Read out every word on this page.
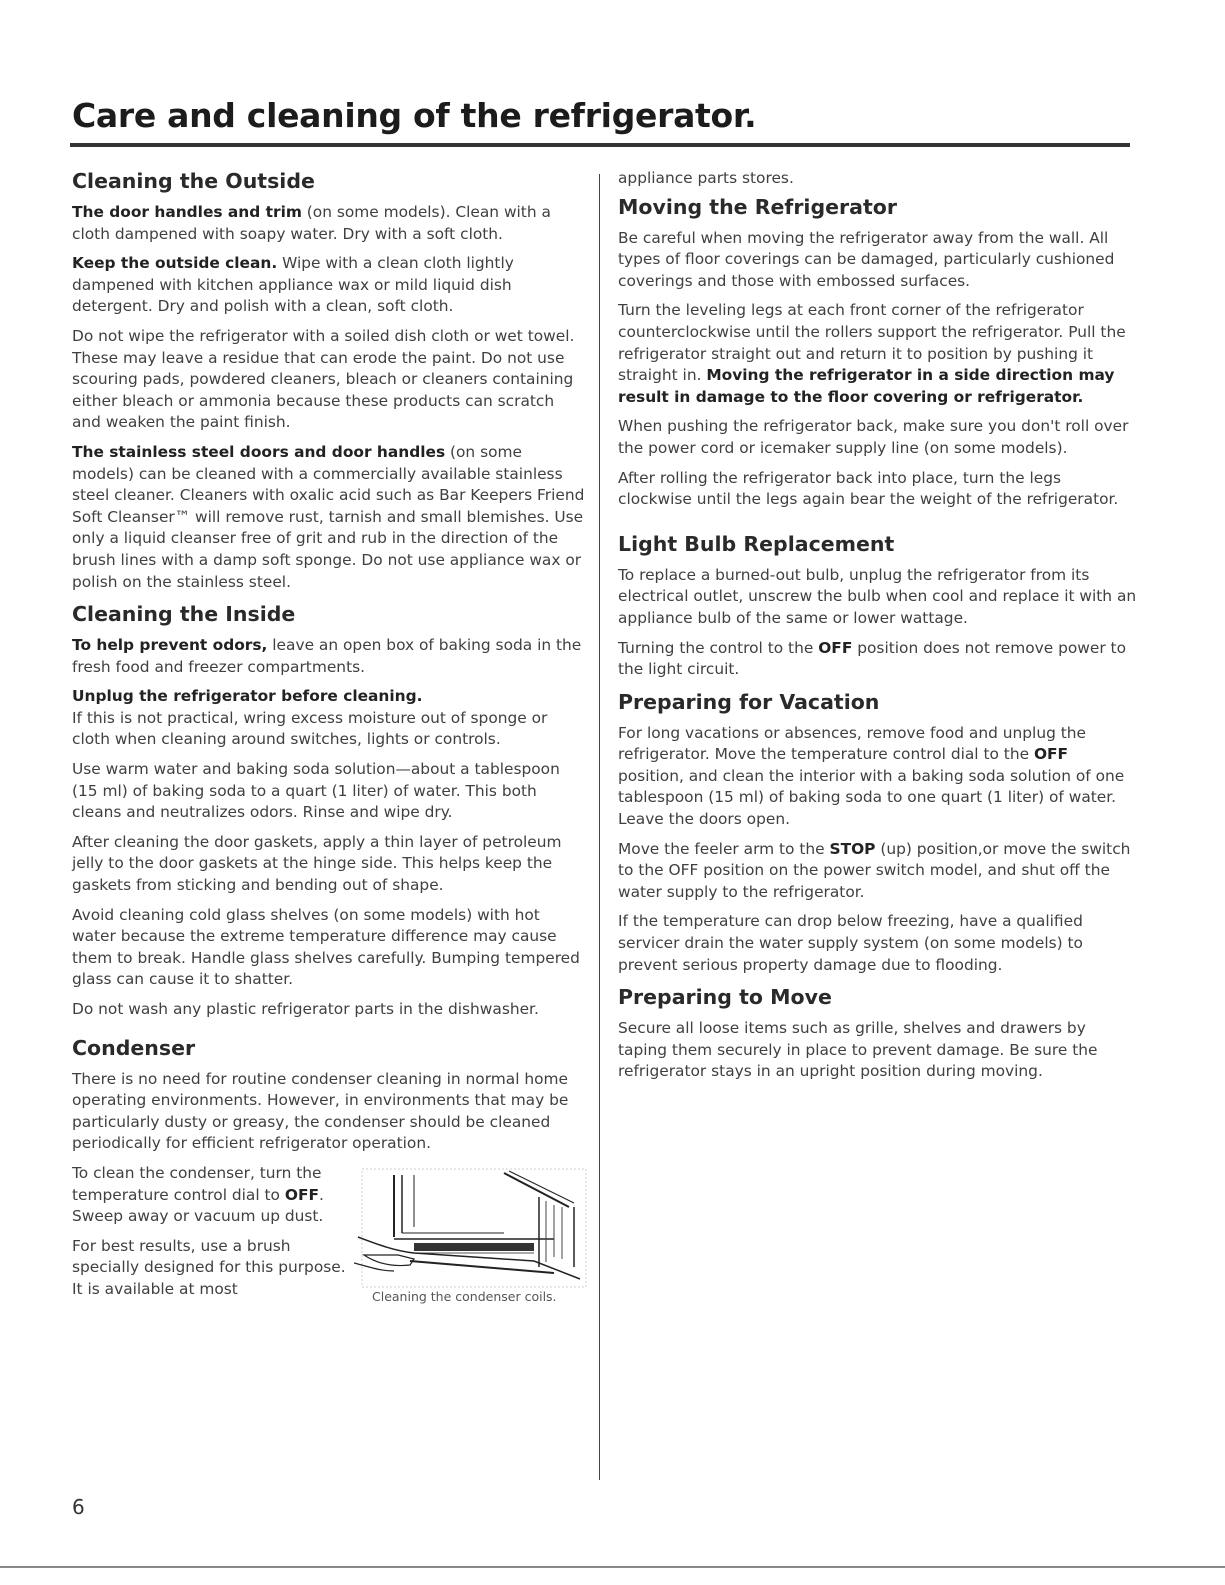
Care and cleaning of the refrigerator.
Cleaning the Outside

The door handles and trim (on some models). Clean with a cloth dampened with soapy water. Dry with a soft cloth.

Keep the outside clean. Wipe with a clean cloth lightly dampened with kitchen appliance wax or mild liquid dish detergent. Dry and polish with a clean, soft cloth.

Do not wipe the refrigerator with a soiled dish cloth or wet towel. These may leave a residue that can erode the paint. Do not use scouring pads, powdered cleaners, bleach or cleaners containing either bleach or ammonia because these products can scratch and weaken the paint finish.

The stainless steel doors and door handles (on some models) can be cleaned with a commercially available stainless steel cleaner. Cleaners with oxalic acid such as Bar Keepers Friend Soft Cleanser™ will remove rust, tarnish and small blemishes. Use only a liquid cleanser free of grit and rub in the direction of the brush lines with a damp soft sponge. Do not use appliance wax or polish on the stainless steel.

Cleaning the Inside

To help prevent odors, leave an open box of baking soda in the fresh food and freezer compartments.

Unplug the refrigerator before cleaning.
If this is not practical, wring excess moisture out of sponge or cloth when cleaning around switches, lights or controls.

Use warm water and baking soda solution—about a tablespoon (15 ml) of baking soda to a quart (1 liter) of water. This both cleans and neutralizes odors. Rinse and wipe dry.

After cleaning the door gaskets, apply a thin layer of petroleum jelly to the door gaskets at the hinge side. This helps keep the gaskets from sticking and bending out of shape.

Avoid cleaning cold glass shelves (on some models) with hot water because the extreme temperature difference may cause them to break. Handle glass shelves carefully. Bumping tempered glass can cause it to shatter.

Do not wash any plastic refrigerator parts in the dishwasher.

Condenser

There is no need for routine condenser cleaning in normal home operating environments. However, in environments that may be particularly dusty or greasy, the condenser should be cleaned periodically for efficient refrigerator operation.

To clean the condenser, turn the temperature control dial to OFF. Sweep away or vacuum up dust.

For best results, use a brush specially designed for this purpose. It is available at most	Cleaning the condenser coils.

appliance parts stores.

Moving the Refrigerator

Be careful when moving the refrigerator away from the wall. All types of floor coverings can be damaged, particularly cushioned coverings and those with embossed surfaces.

Turn the leveling legs at each front corner of the refrigerator counterclockwise until the rollers support the refrigerator. Pull the refrigerator straight out and return it to position by pushing it straight in. Moving the refrigerator in a side direction may result in damage to the floor covering or refrigerator.

When pushing the refrigerator back, make sure you don't roll over the power cord or icemaker supply line (on some models).

After rolling the refrigerator back into place, turn the legs clockwise until the legs again bear the weight of the refrigerator.

Light Bulb Replacement

To replace a burned-out bulb, unplug the refrigerator from its electrical outlet, unscrew the bulb when cool and replace it with an appliance bulb of the same or lower wattage.

Turning the control to the OFF position does not remove power to the light circuit.

Preparing for Vacation

For long vacations or absences, remove food and unplug the refrigerator. Move the temperature control dial to the OFF position, and clean the interior with a baking soda solution of one tablespoon (15 ml) of baking soda to one quart (1 liter) of water. Leave the doors open.

Move the feeler arm to the STOP (up) position,or move the switch to the OFF position on the power switch model, and shut off the water supply to the refrigerator.

If the temperature can drop below freezing, have a qualified servicer drain the water supply system (on some models) to prevent serious property damage due to flooding.

Preparing to Move

Secure all loose items such as grille, shelves and drawers by taping them securely in place to prevent damage. Be sure the refrigerator stays in an upright position during moving.

6
